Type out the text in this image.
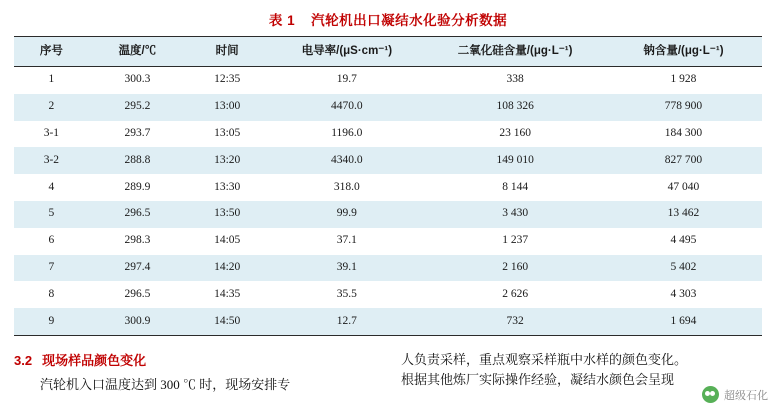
表 1 汽轮机出口凝结水化验分析数据
序号	温度/℃	时间	电导率/(μS·cm⁻¹)	二氧化硅含量/(μg·L⁻¹)	钠含量/(μg·L⁻¹)
1	300.3	12:35	19.7	338	1 928
2	295.2	13:00	4470.0	108 326	778 900
3-1	293.7	13:05	1196.0	23 160	184 300
3-2	288.8	13:20	4340.0	149 010	827 700
4	289.9	13:30	318.0	8 144	47 040
5	296.5	13:50	99.9	3 430	13 462
6	298.3	14:05	37.1	1 237	4 495
7	297.4	14:20	39.1	2 160	5 402
8	296.5	14:35	35.5	2 626	4 303
9	300.9	14:50	12.7	732	1 694
3.2 现场样品颜色变化
汽轮机入口温度达到 300 ℃ 时，现场安排专
人负责采样，重点观察采样瓶中水样的颜色变化。
根据其他炼厂实际操作经验，凝结水颜色会呈现
超级石化
